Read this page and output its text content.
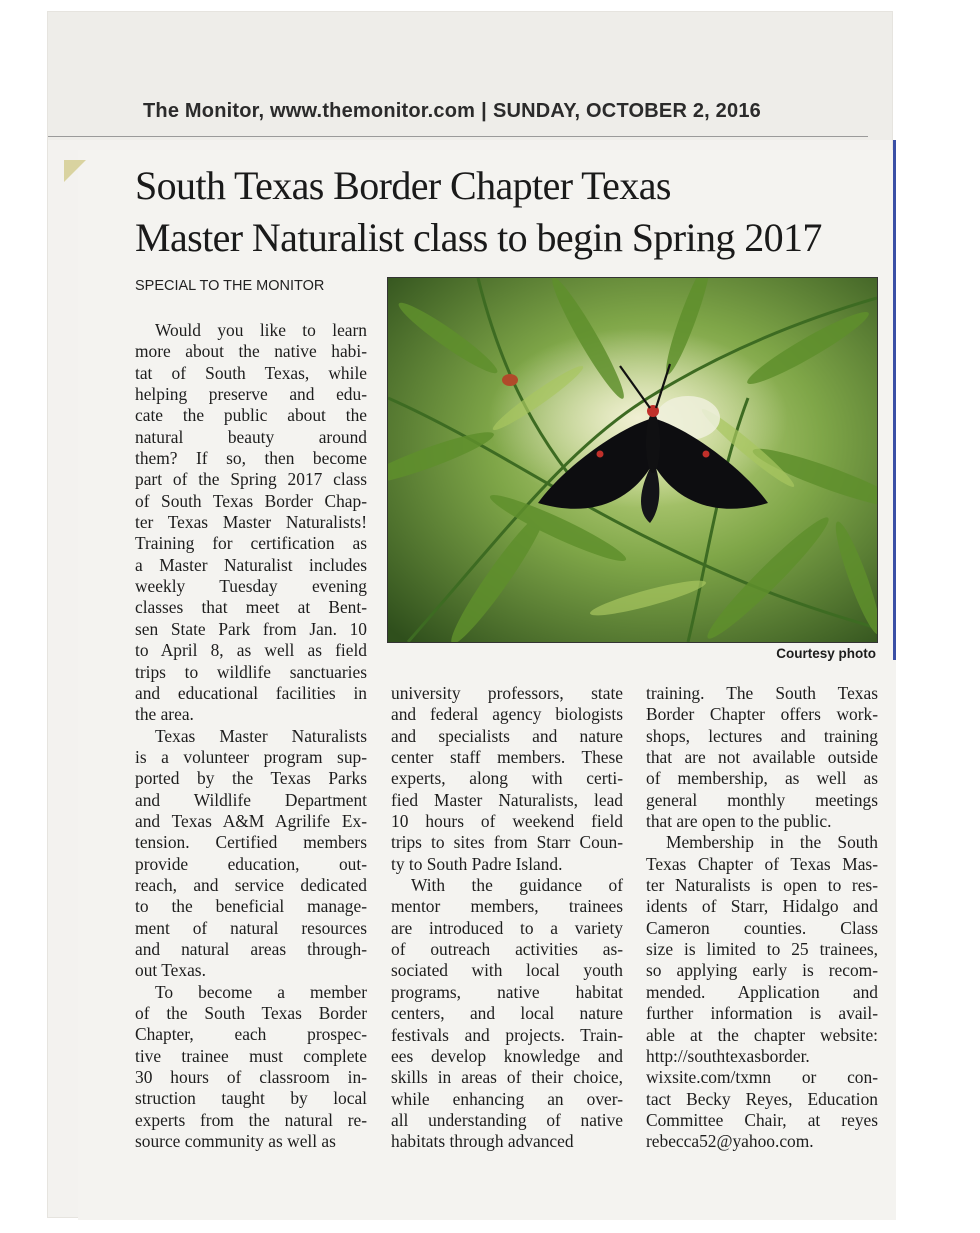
The Monitor, www.themonitor.com | SUNDAY, OCTOBER 2, 2016
South Texas Border Chapter Texas
Master Naturalist class to begin Spring 2017
SPECIAL TO THE MONITOR
Courtesy photo
Would you like to learn
more about the native habi-
tat of South Texas, while
helping preserve and edu-
cate the public about the
natural beauty around
them? If so, then become
part of the Spring 2017 class
of South Texas Border Chap-
ter Texas Master Naturalists!
Training for certification as
a Master Naturalist includes
weekly Tuesday evening
classes that meet at Bent-
sen State Park from Jan. 10
to April 8, as well as field
trips to wildlife sanctuaries
and educational facilities in
the area.
Texas Master Naturalists
is a volunteer program sup-
ported by the Texas Parks
and Wildlife Department
and Texas A&M Agrilife Ex-
tension. Certified members
provide education, out-
reach, and service dedicated
to the beneficial manage-
ment of natural resources
and natural areas through-
out Texas.
To become a member
of the South Texas Border
Chapter, each prospec-
tive trainee must complete
30 hours of classroom in-
struction taught by local
experts from the natural re-
source community as well as
university professors, state
and federal agency biologists
and specialists and nature
center staff members. These
experts, along with certi-
fied Master Naturalists, lead
10 hours of weekend field
trips to sites from Starr Coun-
ty to South Padre Island.
With the guidance of
mentor members, trainees
are introduced to a variety
of outreach activities as-
sociated with local youth
programs, native habitat
centers, and local nature
festivals and projects. Train-
ees develop knowledge and
skills in areas of their choice,
while enhancing an over-
all understanding of native
habitats through advanced
training. The South Texas
Border Chapter offers work-
shops, lectures and training
that are not available outside
of membership, as well as
general monthly meetings
that are open to the public.
Membership in the South
Texas Chapter of Texas Mas-
ter Naturalists is open to res-
idents of Starr, Hidalgo and
Cameron counties. Class
size is limited to 25 trainees,
so applying early is recom-
mended. Application and
further information is avail-
able at the chapter website:
http://southtexasborder.
wixsite.com/txmn or con-
tact Becky Reyes, Education
Committee Chair, at reyes
rebecca52@yahoo.com.
